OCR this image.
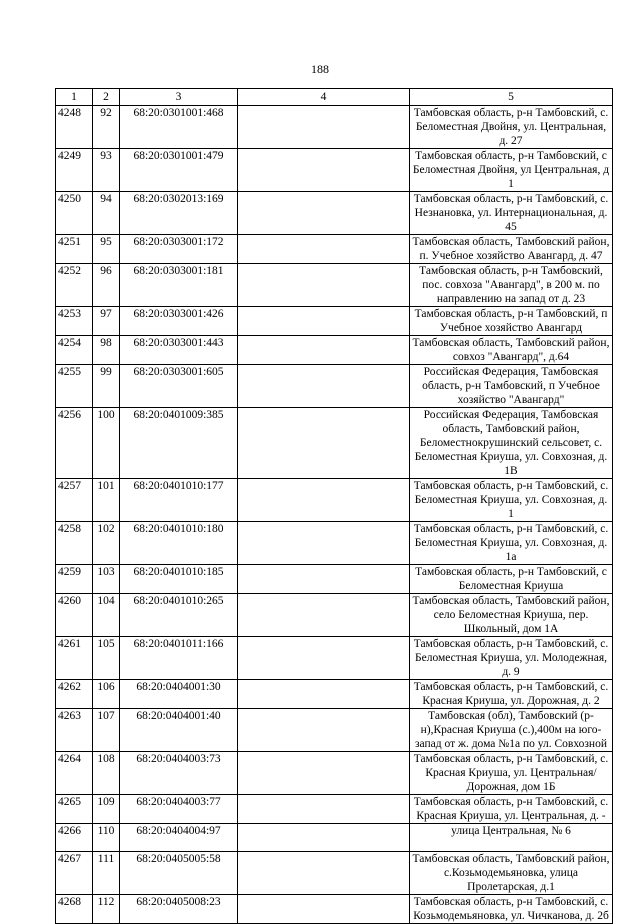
188
1	2	3	4	5
4248	92	68:20:0301001:468		Тамбовская область, р-н Тамбовский, с. Беломестная Двойня, ул. Центральная, д. 27
4249	93	68:20:0301001:479		Тамбовская область, р-н Тамбовский, с Беломестная Двойня, ул Центральная, д 1
4250	94	68:20:0302013:169		Тамбовская область, р-н Тамбовский, с. Незнановка, ул. Интернациональная, д. 45
4251	95	68:20:0303001:172		Тамбовская область, Тамбовский район, п. Учебное хозяйство Авангард, д. 47
4252	96	68:20:0303001:181		Тамбовская область, р-н Тамбовский, пос. совхоза "Авангард", в 200 м. по направлению на запад от д. 23
4253	97	68:20:0303001:426		Тамбовская область, р-н Тамбовский, п Учебное хозяйство Авангард
4254	98	68:20:0303001:443		Тамбовская область, Тамбовский район, совхоз "Авангард", д.64
4255	99	68:20:0303001:605		Российская Федерация, Тамбовская область, р-н Тамбовский, п Учебное хозяйство "Авангард"
4256	100	68:20:0401009:385		Российская Федерация, Тамбовская область, Тамбовский район, Беломестнокрушинский сельсовет, с. Беломестная Криуша, ул. Совхозная, д. 1В
4257	101	68:20:0401010:177		Тамбовская область, р-н Тамбовский, с. Беломестная Криуша, ул. Совхозная, д. 1
4258	102	68:20:0401010:180		Тамбовская область, р-н Тамбовский, с. Беломестная Криуша, ул. Совхозная, д. 1а
4259	103	68:20:0401010:185		Тамбовская область, р-н Тамбовский, с Беломестная Криуша
4260	104	68:20:0401010:265		Тамбовская область, Тамбовский район, село Беломестная Криуша, пер. Школьный, дом 1А
4261	105	68:20:0401011:166		Тамбовская область, р-н Тамбовский, с. Беломестная Криуша, ул. Молодежная, д. 9
4262	106	68:20:0404001:30		Тамбовская область, р-н Тамбовский, с. Красная Криуша, ул. Дорожная, д. 2
4263	107	68:20:0404001:40		Тамбовская (обл), Тамбовский (р-н),Красная Криуша (с.),400м на юго-запад от ж. дома №1а по ул. Совхозной
4264	108	68:20:0404003:73		Тамбовская область, р-н Тамбовский, с. Красная Криуша, ул. Центральная/Дорожная, дом 1Б
4265	109	68:20:0404003:77		Тамбовская область, р-н Тамбовский, с. Красная Криуша, ул. Центральная, д. -
4266	110	68:20:0404004:97		улица Центральная, № 6
4267	111	68:20:0405005:58		Тамбовская область, Тамбовский район, с.Козьмодемьяновка, улица Пролетарская, д.1
4268	112	68:20:0405008:23		Тамбовская область, р-н Тамбовский, с. Козьмодемьяновка, ул. Чичканова, д. 2б
